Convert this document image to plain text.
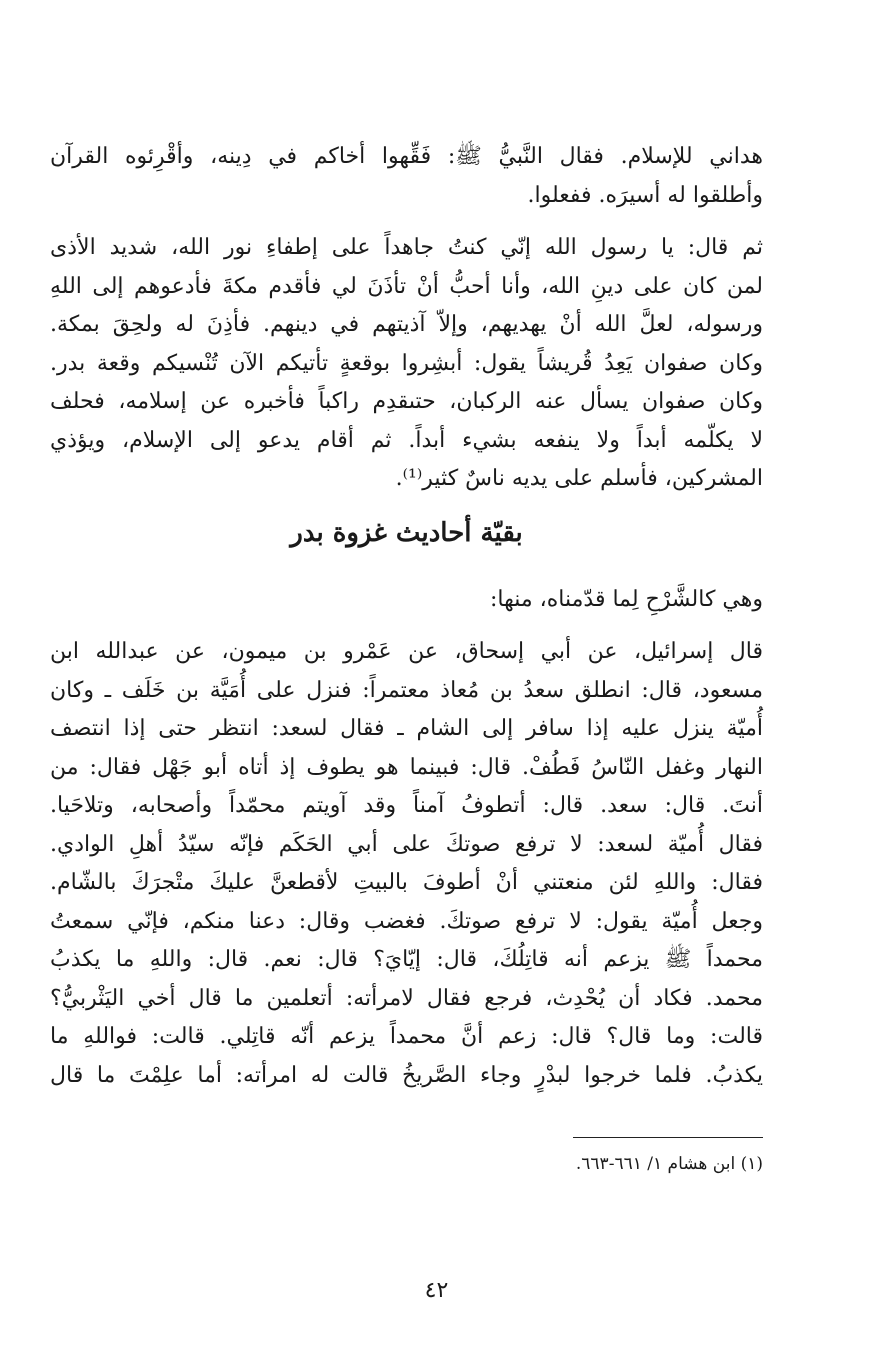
هداني للإسلام. فقال النَّبيُّ ﷺ: فَقِّهوا أخاكم في دِينه، وأقْرِئوه القرآن
وأطلقوا له أسيرَه. ففعلوا.
ثم قال: يا رسول الله إنّي كنتُ جاهداً على إطفاءِ نور الله، شديد الأذى
لمن كان على دينِ الله، وأنا أحبُّ أنْ تأذَنَ لي فأقدم مكةَ فأدعوهم إلى اللهِ
ورسوله، لعلَّ الله أنْ يهديهم، وإلاّ آذيتهم في دينهم. فأذِنَ له ولحِقَ بمكة.
وكان صفوان يَعِدُ قُريشاً يقول: أبشِروا بوقعةٍ تأتيكم الآن تُنْسيكم وقعة بدر.
وكان صفوان يسأل عنه الركبان، حتىقدِم راكباً فأخبره عن إسلامه، فحلف
لا يكلّمه أبداً ولا ينفعه بشيء أبداً. ثم أقام يدعو إلى الإسلام، ويؤذي
المشركين، فأسلم على يديه ناسٌ كثير⁽¹⁾.
بقيّة أحاديث غزوة بدر
وهي كالشَّرْحِ لِما قدّمناه، منها:
قال إسرائيل، عن أبي إسحاق، عن عَمْرو بن ميمون، عن عبدالله ابن
مسعود، قال: انطلق سعدُ بن مُعاذ معتمراً: فنزل على أُمَيَّة بن خَلَف ـ وكان
أُميّة ينزل عليه إذا سافر إلى الشام ـ فقال لسعد: انتظر حتى إذا انتصف
النهار وغفل النّاسُ فَطُفْ. قال: فبينما هو يطوف إذ أتاه أبو جَهْل فقال: من
أنتَ. قال: سعد. قال: أتطوفُ آمناً وقد آويتم محمّداً وأصحابه، وتلاحَيا.
فقال أُميّة لسعد: لا ترفع صوتكَ على أبي الحَكَم فإنّه سيّدُ أهلِ الوادي.
فقال: واللهِ لئن منعتني أنْ أطوفَ بالبيتِ لأقطعنَّ عليكَ متْجرَكَ بالشّام.
وجعل أُميّة يقول: لا ترفع صوتكَ. فغضب وقال: دعنا منكم، فإنّي سمعتُ
محمداً ﷺ يزعم أنه قاتِلُكَ، قال: إيّايَ؟ قال: نعم. قال: واللهِ ما يكذبُ
محمد. فكاد أن يُحْدِث، فرجع فقال لامرأته: أتعلمين ما قال أخي اليَثْربيُّ؟
قالت: وما قال؟ قال: زعم أنَّ محمداً يزعم أنّه قاتِلي. قالت: فواللهِ ما
يكذبُ. فلما خرجوا لبدْرٍ وجاء الصَّريخُ قالت له امرأته: أما علِمْتَ ما قال
(١) ابن هشام ١/ ٦٦١-٦٦٣.
٤٢
